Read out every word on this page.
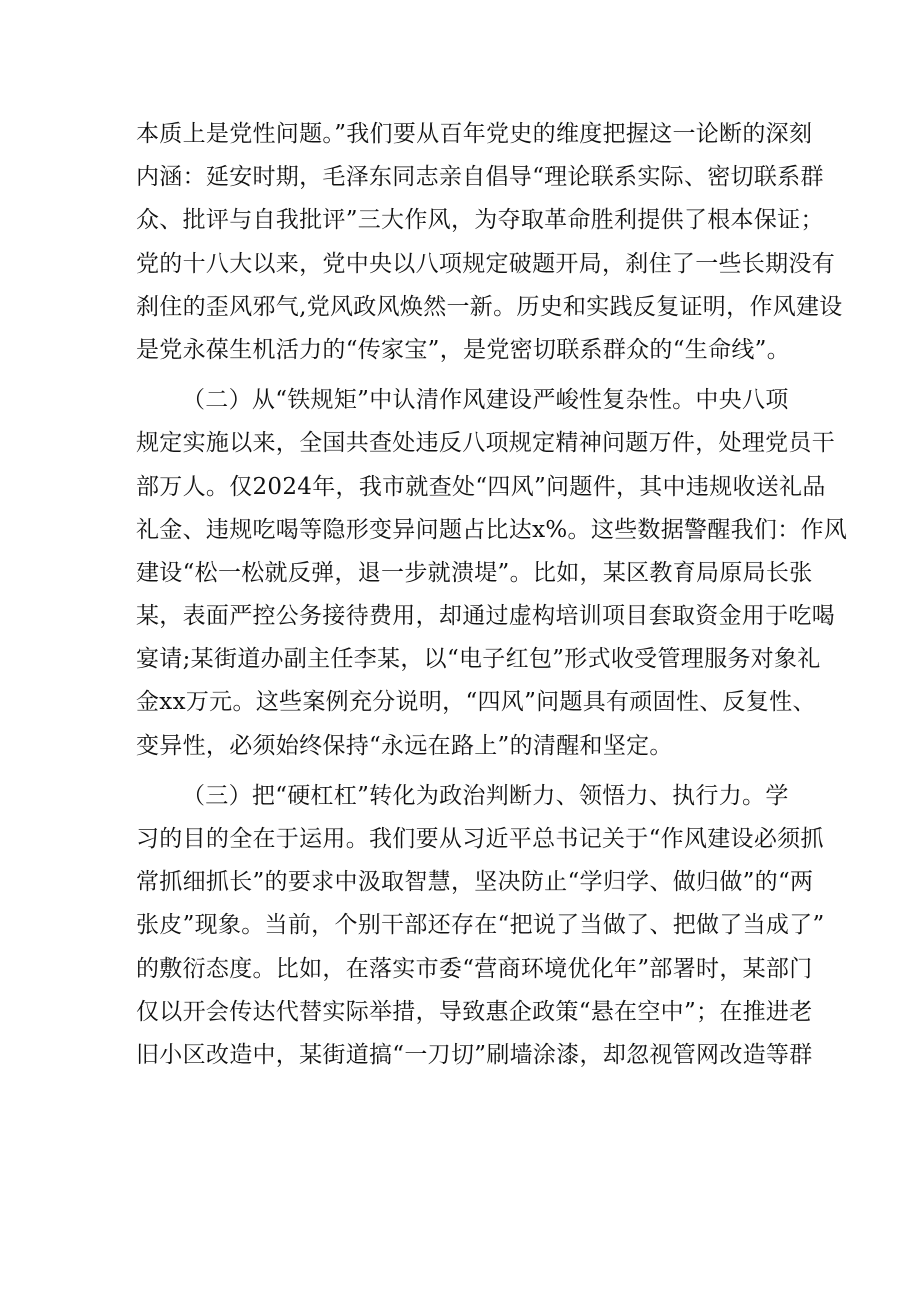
本质上是党性问题。”我们要从百年党史的维度把握这一论断的深刻
内涵：延安时期，毛泽东同志亲自倡导“理论联系实际、密切联系群
众、批评与自我批评”三大作风，为夺取革命胜利提供了根本保证；
党的十八大以来，党中央以八项规定破题开局，刹住了一些长期没有
刹住的歪风邪气,党风政风焕然一新。历史和实践反复证明，作风建设
是党永葆生机活力的“传家宝”，是党密切联系群众的“生命线”。
（二）从“铁规矩”中认清作风建设严峻性复杂性。中央八项
规定实施以来，全国共查处违反八项规定精神问题万件，处理党员干
部万人。仅2024年，我市就查处“四风”问题件，其中违规收送礼品
礼金、违规吃喝等隐形变异问题占比达x%。这些数据警醒我们：作风
建设“松一松就反弹，退一步就溃堤”。比如，某区教育局原局长张
某，表面严控公务接待费用，却通过虚构培训项目套取资金用于吃喝
宴请;某街道办副主任李某，以“电子红包”形式收受管理服务对象礼
金xx万元。这些案例充分说明，“四风”问题具有顽固性、反复性、
变异性，必须始终保持“永远在路上”的清醒和坚定。
（三）把“硬杠杠”转化为政治判断力、领悟力、执行力。学
习的目的全在于运用。我们要从习近平总书记关于“作风建设必须抓
常抓细抓长”的要求中汲取智慧，坚决防止“学归学、做归做”的“两
张皮”现象。当前，个别干部还存在“把说了当做了、把做了当成了”
的敷衍态度。比如，在落实市委“营商环境优化年”部署时，某部门
仅以开会传达代替实际举措，导致惠企政策“悬在空中”；在推进老
旧小区改造中，某街道搞“一刀切”刷墙涂漆，却忽视管网改造等群
